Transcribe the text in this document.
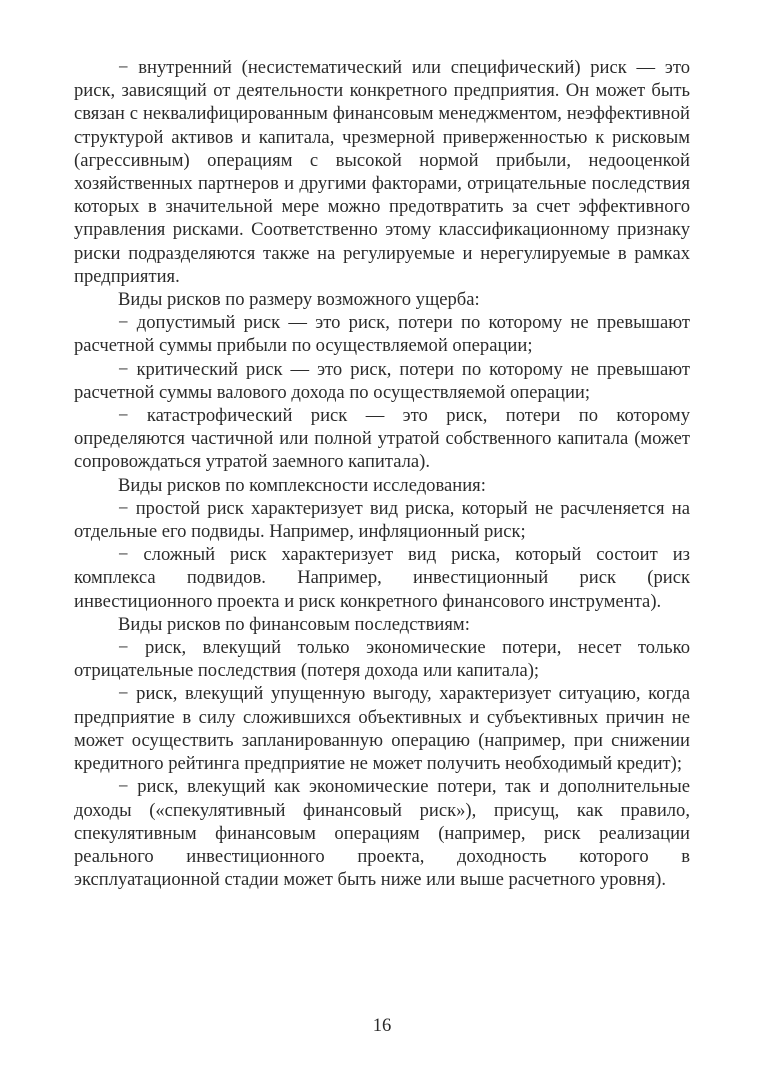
− внутренний (несистематический или специфический) риск — это риск, зависящий от деятельности конкретного предприятия. Он может быть связан с неквалифицированным финансовым менеджментом, неэффективной структурой активов и капитала, чрезмерной приверженностью к рисковым (агрессивным) операциям с высокой нормой прибыли, недооценкой хозяйственных партнеров и другими факторами, отрицательные последствия которых в значительной мере можно предотвратить за счет эффективного управления рисками. Соответственно этому классификационному признаку риски подразделяются также на регулируемые и нерегулируемые в рамках предприятия.

Виды рисков по размеру возможного ущерба:

− допустимый риск — это риск, потери по которому не превышают расчетной суммы прибыли по осуществляемой операции;

− критический риск — это риск, потери по которому не превышают расчетной суммы валового дохода по осуществляемой операции;

− катастрофический риск — это риск, потери по которому определяются частичной или полной утратой собственного капитала (может сопровождаться утратой заемного капитала).

Виды рисков по комплексности исследования:

− простой риск характеризует вид риска, который не расчленяется на отдельные его подвиды. Например, инфляционный риск;

− сложный риск характеризует вид риска, который состоит из комплекса подвидов. Например, инвестиционный риск (риск инвестиционного проекта и риск конкретного финансового инструмента).

Виды рисков по финансовым последствиям:

− риск, влекущий только экономические потери, несет только отрицательные последствия (потеря дохода или капитала);

− риск, влекущий упущенную выгоду, характеризует ситуацию, когда предприятие в силу сложившихся объективных и субъективных причин не может осуществить запланированную операцию (например, при снижении кредитного рейтинга предприятие не может получить необходимый кредит);

− риск, влекущий как экономические потери, так и дополнительные доходы («спекулятивный финансовый риск»), присущ, как правило, спекулятивным финансовым операциям (например, риск реализации реального инвестиционного проекта, доходность которого в эксплуатационной стадии может быть ниже или выше расчетного уровня).

16
